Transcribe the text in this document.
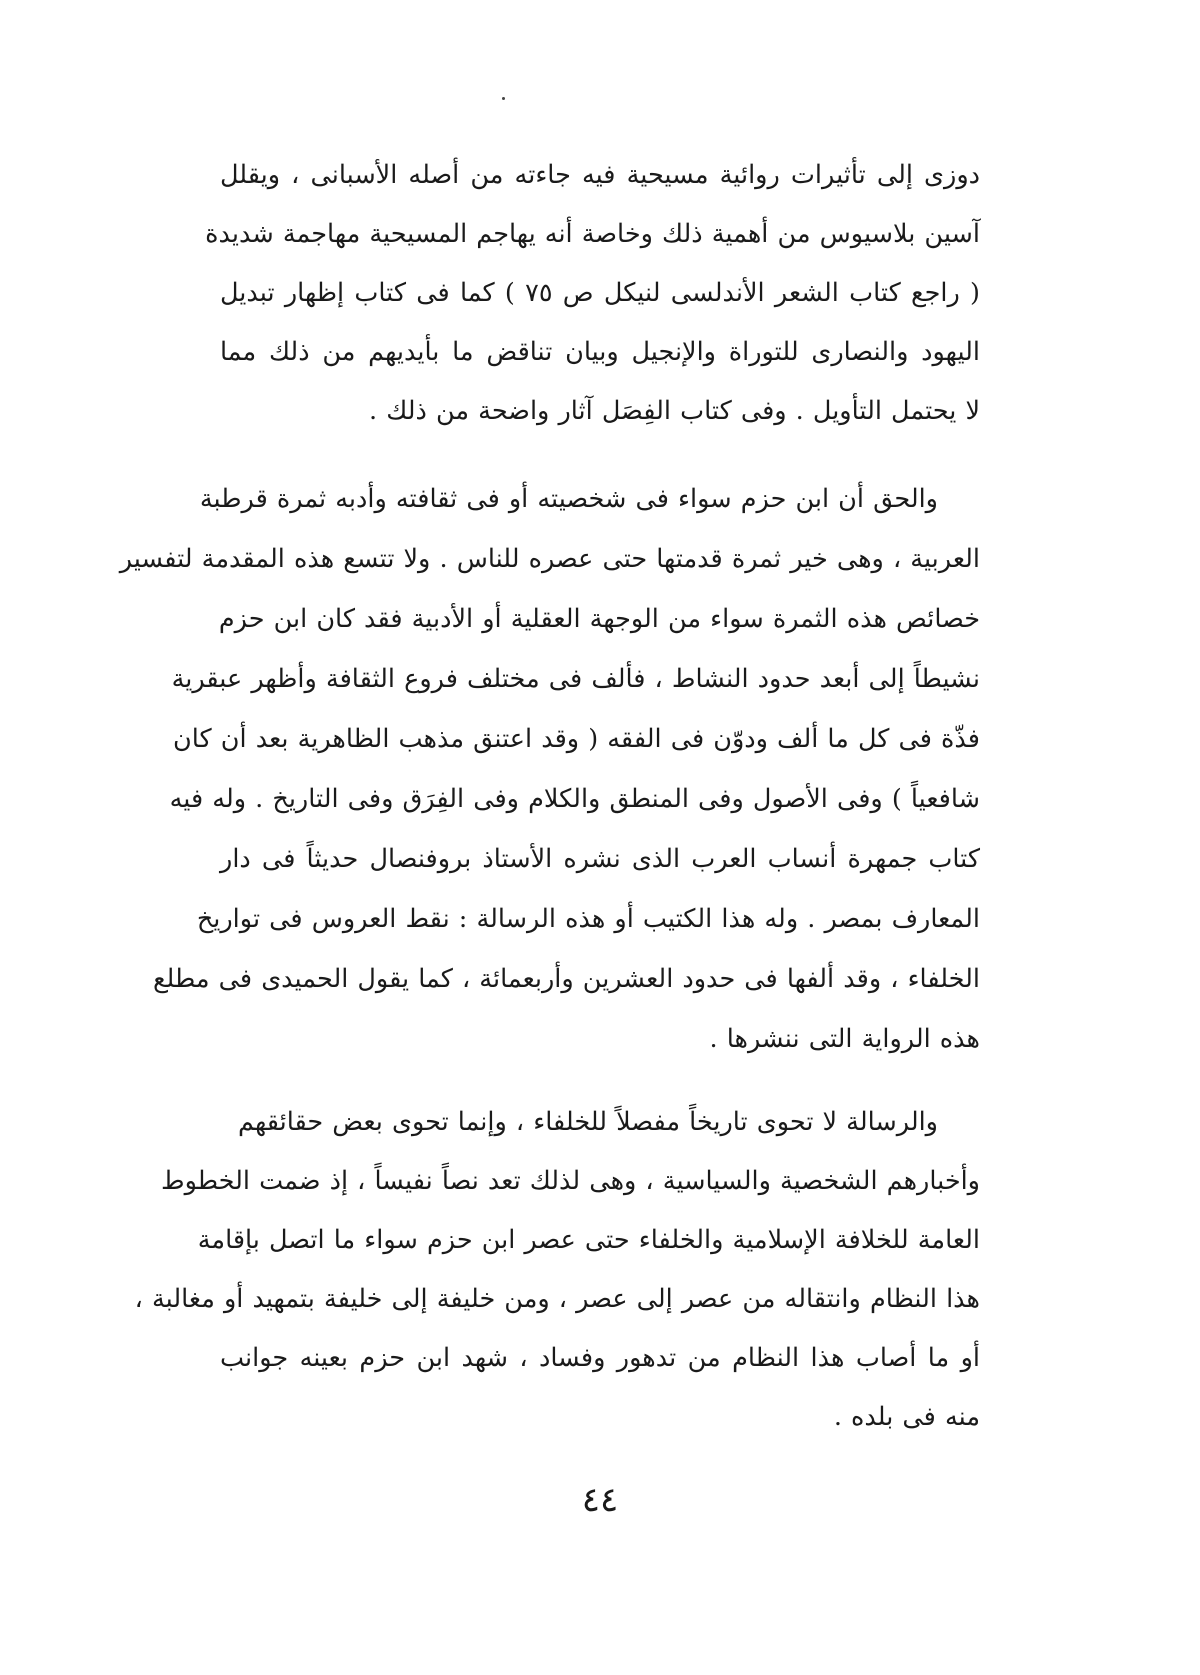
دوزى إلى تأثيرات روائية مسيحية فيه جاءته من أصله الأسبانى ، ويقلل
آسين بلاسيوس من أهمية ذلك وخاصة أنه يهاجم المسيحية مهاجمة شديدة
( راجع كتاب الشعر الأندلسى لنيكل ص ٧٥ ) كما فى كتاب إظهار تبديل
اليهود والنصارى للتوراة والإنجيل وبيان تناقض ما بأيديهم من ذلك مما
لا يحتمل التأويل . وفى كتاب الفِصَل آثار واضحة من ذلك .
والحق أن ابن حزم سواء فى شخصيته أو فى ثقافته وأدبه ثمرة قرطبة
العربية ، وهى خير ثمرة قدمتها حتى عصره للناس . ولا تتسع هذه المقدمة لتفسير
خصائص هذه الثمرة سواء من الوجهة العقلية أو الأدبية فقد كان ابن حزم
نشيطاً إلى أبعد حدود النشاط ، فألف فى مختلف فروع الثقافة وأظهر عبقرية
فذّة فى كل ما ألف ودوّن فى الفقه ( وقد اعتنق مذهب الظاهرية بعد أن كان
شافعياً ) وفى الأصول وفى المنطق والكلام وفى الفِرَق وفى التاريخ . وله فيه
كتاب جمهرة أنساب العرب الذى نشره الأستاذ بروفنصال حديثاً فى دار
المعارف بمصر . وله هذا الكتيب أو هذه الرسالة : نقط العروس فى تواريخ
الخلفاء ، وقد ألفها فى حدود العشرين وأربعمائة ، كما يقول الحميدى فى مطلع
هذه الرواية التى ننشرها .
والرسالة لا تحوى تاريخاً مفصلاً للخلفاء ، وإنما تحوى بعض حقائقهم
وأخبارهم الشخصية والسياسية ، وهى لذلك تعد نصاً نفيساً ، إذ ضمت الخطوط
العامة للخلافة الإسلامية والخلفاء حتى عصر ابن حزم سواء ما اتصل بإقامة
هذا النظام وانتقاله من عصر إلى عصر ، ومن خليفة إلى خليفة بتمهيد أو مغالبة ،
أو ما أصاب هذا النظام من تدهور وفساد ، شهد ابن حزم بعينه جوانب
منه فى بلده .
٤٤
